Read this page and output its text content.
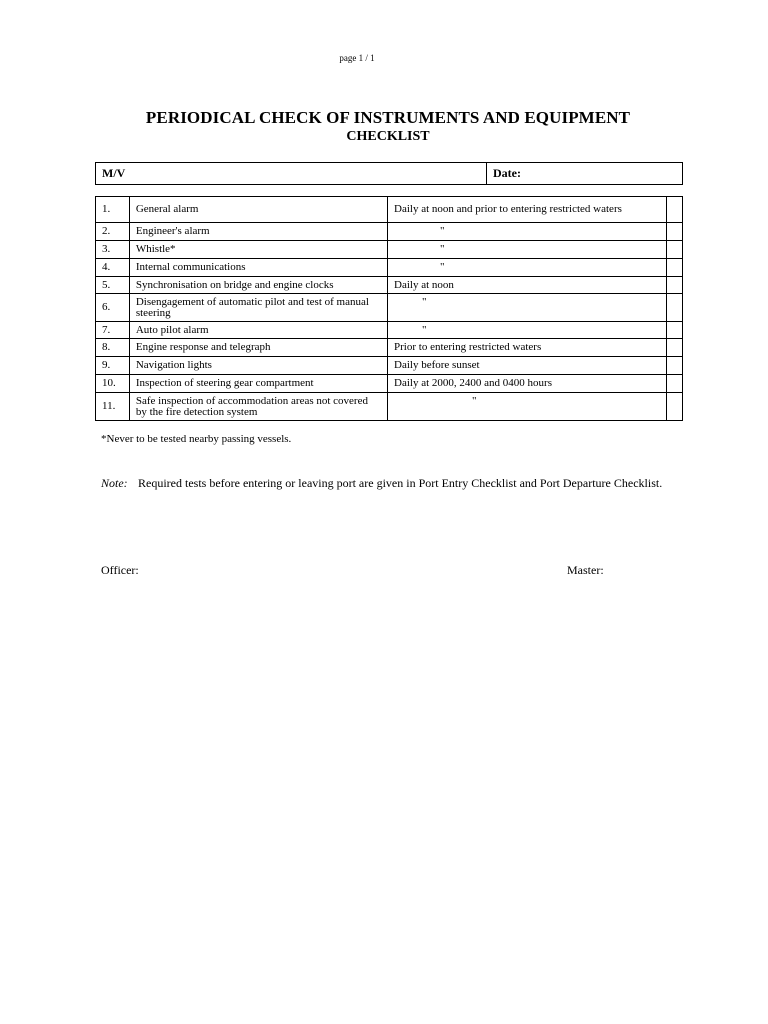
page 1 / 1
PERIODICAL CHECK OF INSTRUMENTS AND EQUIPMENT
CHECKLIST
M/V	Date:
1.	General alarm	Daily at noon and prior to entering restricted waters	
2.	Engineer's alarm	"	
3.	Whistle*	"	
4.	Internal communications	"	
5.	Synchronisation on bridge and engine clocks	Daily at noon	
6.	Disengagement of automatic pilot and test of manual steering	"	
7.	Auto pilot alarm	"	
8.	Engine response and telegraph	Prior to entering restricted waters	
9.	Navigation lights	Daily before sunset	
10.	Inspection of steering gear compartment	Daily at 2000, 2400 and 0400 hours	
11.	Safe inspection of accommodation areas not covered by the fire detection system	"	
*Never to be tested nearby passing vessels.
Note: Required tests before entering or leaving port are given in Port Entry Checklist and Port Departure Checklist.
Officer:	Master:
